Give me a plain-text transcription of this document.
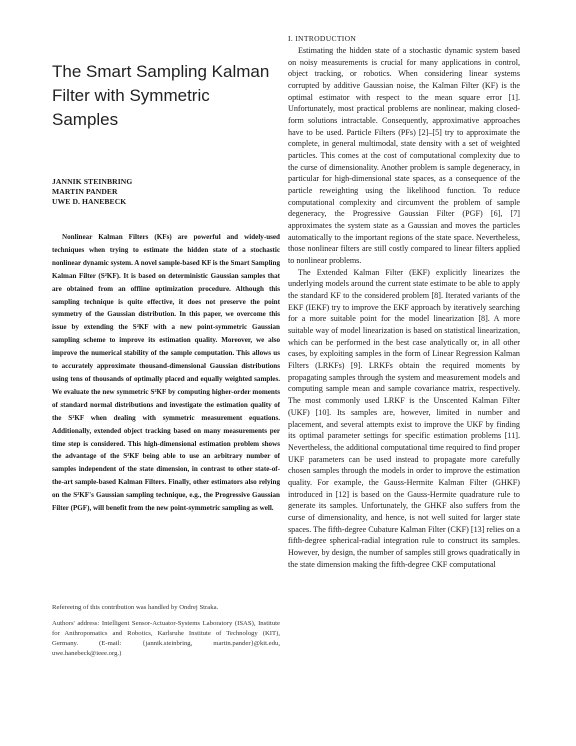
The Smart Sampling Kalman Filter with Symmetric Samples
JANNIK STEINBRING
MARTIN PANDER
UWE D. HANEBECK

Nonlinear Kalman Filters (KFs) are powerful and widely-used techniques when trying to estimate the hidden state of a stochastic nonlinear dynamic system. A novel sample-based KF is the Smart Sampling Kalman Filter (S²KF). It is based on deterministic Gaussian samples that are obtained from an offline optimization procedure. Although this sampling technique is quite effective, it does not preserve the point symmetry of the Gaussian distribution. In this paper, we overcome this issue by extending the S²KF with a new point-symmetric Gaussian sampling scheme to improve its estimation quality. Moreover, we also improve the numerical stability of the sample computation. This allows us to accurately approximate thousand-dimensional Gaussian distributions using tens of thousands of optimally placed and equally weighted samples. We evaluate the new symmetric S²KF by computing higher-order moments of standard normal distributions and investigate the estimation quality of the S²KF when dealing with symmetric measurement equations. Additionally, extended object tracking based on many measurements per time step is considered. This high-dimensional estimation problem shows the advantage of the S²KF being able to use an arbitrary number of samples independent of the state dimension, in contrast to other state-of-the-art sample-based Kalman Filters. Finally, other estimators also relying on the S²KF's Gaussian sampling technique, e.g., the Progressive Gaussian Filter (PGF), will benefit from the new point-symmetric sampling as well.

Refereeing of this contribution was handled by Ondrej Straka.

Authors' address: Intelligent Sensor-Actuator-Systems Laboratory (ISAS), Institute for Anthropomatics and Robotics, Karlsruhe Institute of Technology (KIT), Germany. (E-mail: {jannik.steinbring, martin.pander}@kit.edu, uwe.hanebeck@ieee.org.)

I. INTRODUCTION

Estimating the hidden state of a stochastic dynamic system based on noisy measurements is crucial for many applications in control, object tracking, or robotics. When considering linear systems corrupted by additive Gaussian noise, the Kalman Filter (KF) is the optimal estimator with respect to the mean square error [1]. Unfortunately, most practical problems are nonlinear, making closed-form solutions intractable. Consequently, approximative approaches have to be used. Particle Filters (PFs) [2]–[5] try to approximate the complete, in general multimodal, state density with a set of weighted particles. This comes at the cost of computational complexity due to the curse of dimensionality. Another problem is sample degeneracy, in particular for high-dimensional state spaces, as a consequence of the particle reweighting using the likelihood function. To reduce computational complexity and circumvent the problem of sample degeneracy, the Progressive Gaussian Filter (PGF) [6], [7] approximates the system state as a Gaussian and moves the particles automatically to the important regions of the state space. Nevertheless, those nonlinear filters are still costly compared to linear filters applied to nonlinear problems.

The Extended Kalman Filter (EKF) explicitly linearizes the underlying models around the current state estimate to be able to apply the standard KF to the considered problem [8]. Iterated variants of the EKF (IEKF) try to improve the EKF approach by iteratively searching for a more suitable point for the model linearization [8]. A more suitable way of model linearization is based on statistical linearization, which can be performed in the best case analytically or, in all other cases, by exploiting samples in the form of Linear Regression Kalman Filters (LRKFs) [9]. LRKFs obtain the required moments by propagating samples through the system and measurement models and computing sample mean and sample covariance matrix, respectively. The most commonly used LRKF is the Unscented Kalman Filter (UKF) [10]. Its samples are, however, limited in number and placement, and several attempts exist to improve the UKF by finding its optimal parameter settings for specific estimation problems [11]. Nevertheless, the additional computational time required to find proper UKF parameters can be used instead to propagate more carefully chosen samples through the models in order to improve the estimation quality. For example, the Gauss-Hermite Kalman Filter (GHKF) introduced in [12] is based on the Gauss-Hermite quadrature rule to generate its samples. Unfortunately, the GHKF also suffers from the curse of dimensionality, and hence, is not well suited for larger state spaces. The fifth-degree Cubature Kalman Filter (CKF) [13] relies on a fifth-degree spherical-radial integration rule to construct its samples. However, by design, the number of samples still grows quadratically in the state dimension making the fifth-degree CKF computational
